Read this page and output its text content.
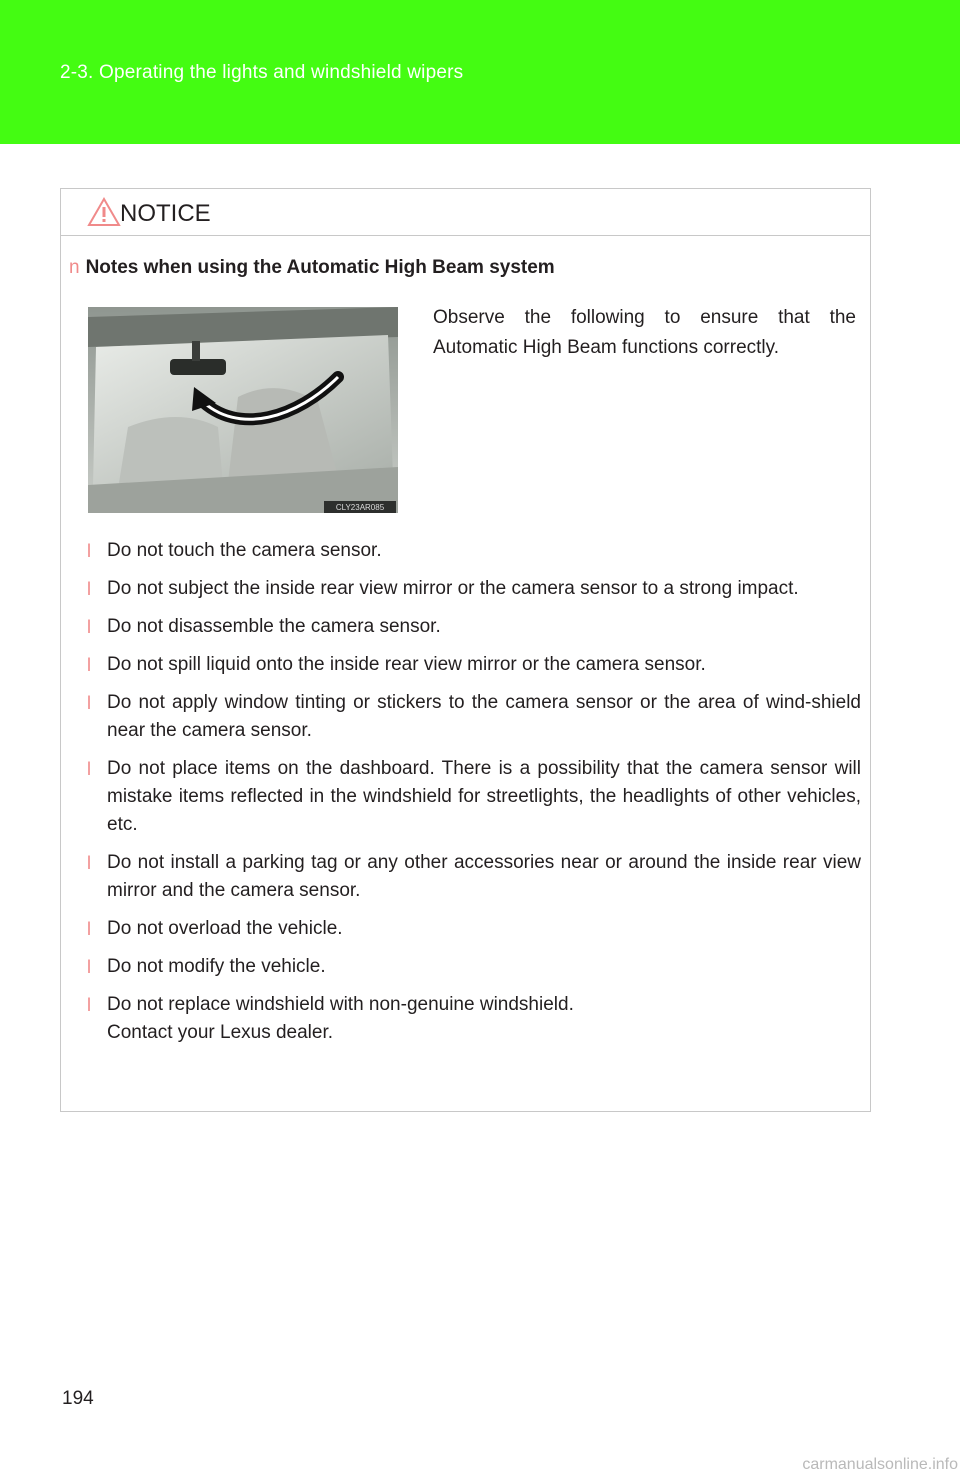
2-3. Operating the lights and windshield wipers
NOTICE
n Notes when using the Automatic High Beam system
CLY23AR085
Observe the following to ensure that the Automatic High Beam functions correctly.
l Do not touch the camera sensor.
l Do not subject the inside rear view mirror or the camera sensor to a strong impact.
l Do not disassemble the camera sensor.
l Do not spill liquid onto the inside rear view mirror or the camera sensor.
l Do not apply window tinting or stickers to the camera sensor or the area of wind-shield near the camera sensor.
l Do not place items on the dashboard. There is a possibility that the camera sensor will mistake items reflected in the windshield for streetlights, the headlights of other vehicles, etc.
l Do not install a parking tag or any other accessories near or around the inside rear view mirror and the camera sensor.
l Do not overload the vehicle.
l Do not modify the vehicle.
l Do not replace windshield with non-genuine windshield.
Contact your Lexus dealer.
194
carmanualsonline.info
